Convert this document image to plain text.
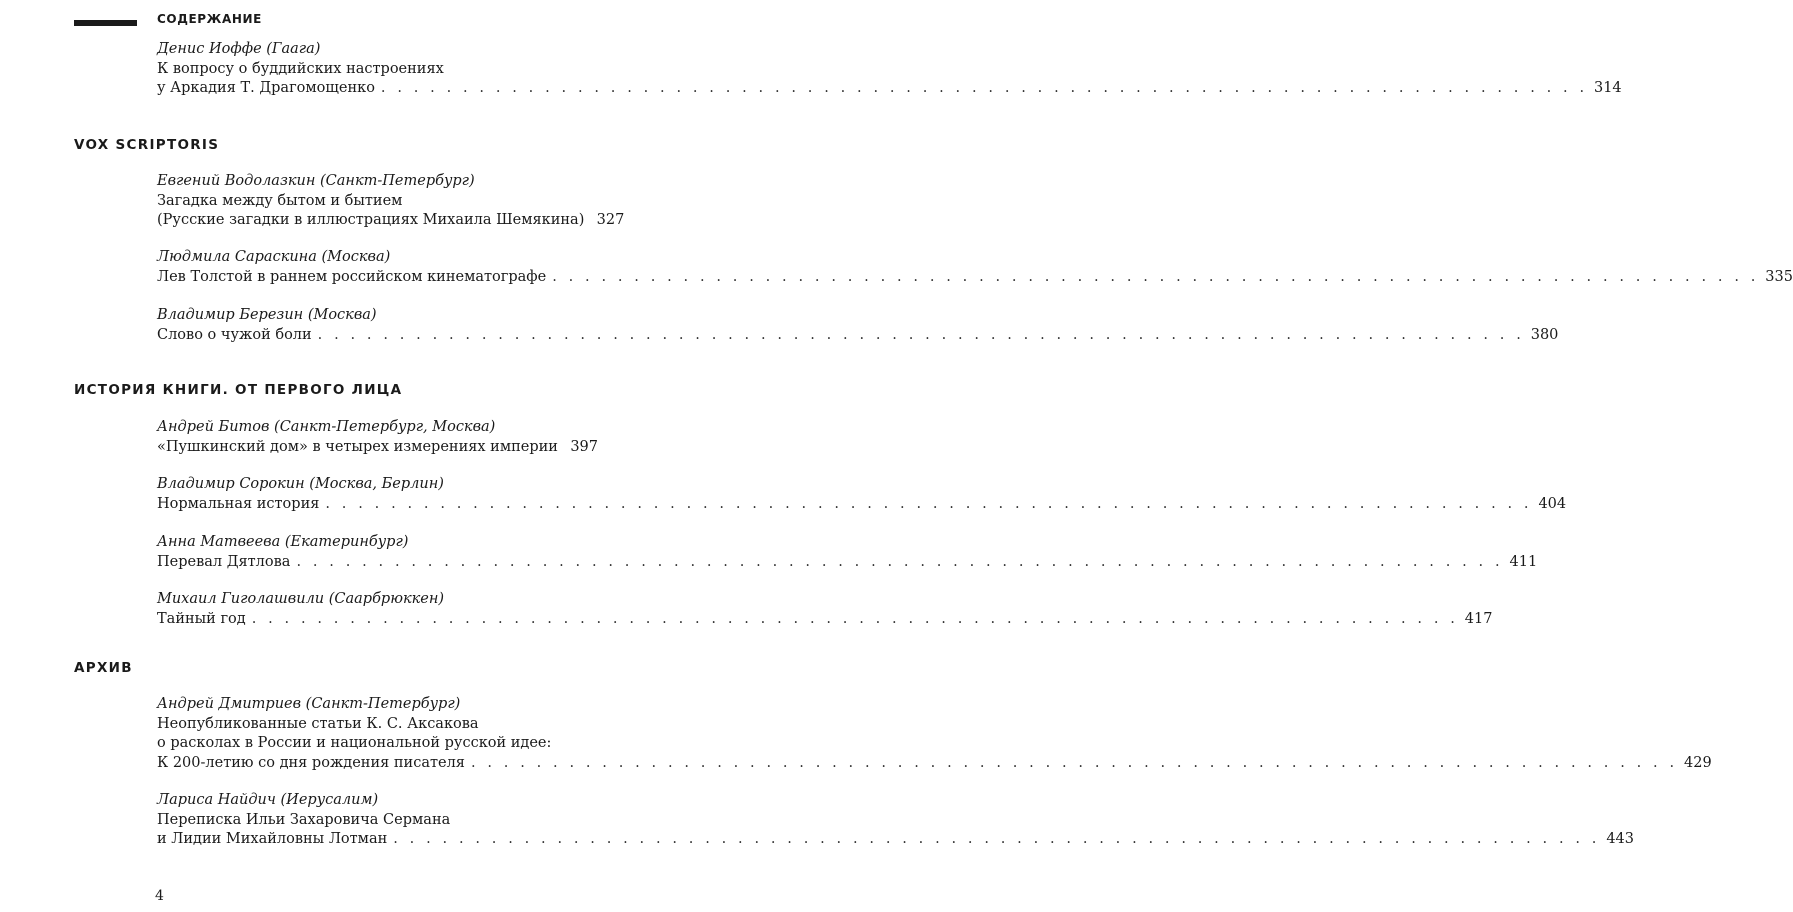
СОДЕРЖАНИЕ
Денис Иоффе (Гаага)
К вопросу о буддийских настроениях
у Аркадия Т. Драгомощенко . . . . . . . . . . . . . . . . . . . . . . . . . . . . . . . . . . . . . . . . . . . . . . . . . . . . . . . . . . . . . . . . . . . . . . . . . . 314
VOX SCRIPTORIS
Евгений Водолазкин (Санкт-Петербург)
Загадка между бытом и бытием
(Русские загадки в иллюстрациях Михаила Шемякина) 327
Людмила Сараскина (Москва)
Лев Толстой в раннем российском кинематографе . . . . . . . . . . . . . . . . . . . . . . . . . . . . . . . . . . . . . . . . . . . . . . . . . . . . . . . . . . . . . . . . . . . . . . . . . . 335
Владимир Березин (Москва)
Слово о чужой боли . . . . . . . . . . . . . . . . . . . . . . . . . . . . . . . . . . . . . . . . . . . . . . . . . . . . . . . . . . . . . . . . . . . . . . . . . . 380
ИСТОРИЯ КНИГИ. ОТ ПЕРВОГО ЛИЦА
Андрей Битов (Санкт-Петербург, Москва)
«Пушкинский дом» в четырех измерениях империи 397
Владимир Сорокин (Москва, Берлин)
Нормальная история . . . . . . . . . . . . . . . . . . . . . . . . . . . . . . . . . . . . . . . . . . . . . . . . . . . . . . . . . . . . . . . . . . . . . . . . . . 404
Анна Матвеева (Екатеринбург)
Перевал Дятлова . . . . . . . . . . . . . . . . . . . . . . . . . . . . . . . . . . . . . . . . . . . . . . . . . . . . . . . . . . . . . . . . . . . . . . . . . . 411
Михаил Гиголашвили (Саарбрюккен)
Тайный год . . . . . . . . . . . . . . . . . . . . . . . . . . . . . . . . . . . . . . . . . . . . . . . . . . . . . . . . . . . . . . . . . . . . . . . . . . 417
АРХИВ
Андрей Дмитриев (Санкт-Петербург)
Неопубликованные статьи К. С. Аксакова
о расколах в России и национальной русской идее:
К 200-летию со дня рождения писателя . . . . . . . . . . . . . . . . . . . . . . . . . . . . . . . . . . . . . . . . . . . . . . . . . . . . . . . . . . . . . . . . . . . . . . . . . . 429
Лариса Найдич (Иерусалим)
Переписка Ильи Захаровича Сермана
и Лидии Михайловны Лотман . . . . . . . . . . . . . . . . . . . . . . . . . . . . . . . . . . . . . . . . . . . . . . . . . . . . . . . . . . . . . . . . . . . . . . . . . . 443
4
